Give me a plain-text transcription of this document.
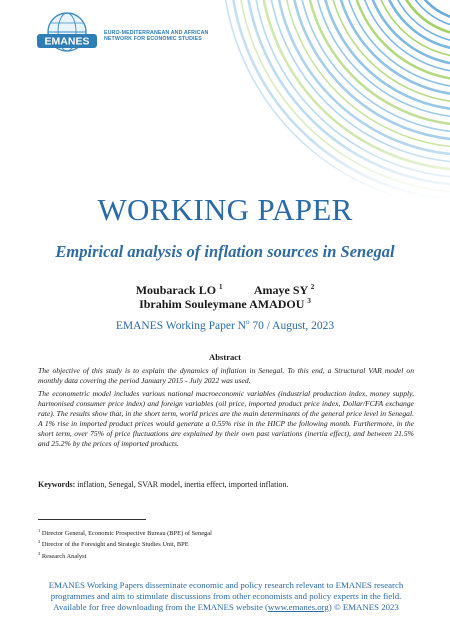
EMANES
EURO-MEDITERRANEAN AND AFRICAN
NETWORK FOR ECONOMIC STUDIES
WORKING PAPER
Empirical analysis of inflation sources in Senegal
Moubarack LO $^1$	Amaye SY $^2$
Ibrahim Souleymane AMADOU $^3$
EMANES Working Paper $N^o$ 70 / August, 2023
Abstract

The objective of this study is to explain the dynamics of inflation in Senegal. To this end, a Structural VAR model on monthly data covering the period January 2015 - July 2022 was used.

The econometric model includes various national macroeconomic variables (industrial production index, money supply, harmonised consumer price index) and foreign variables (oil price, imported product price index, Dollar/FCFA exchange rate). The results show that, in the short term, world prices are the main determinants of the general price level in Senegal. A 1% rise in imported product prices would generate a 0.55% rise in the HICP the following month. Furthermore, in the short term, over 75% of price fluctuations are explained by their own past variations (inertia effect), and between 21.5% and 25.2% by the prices of imported products.

Keywords: inflation, Senegal, SVAR model, inertia effect, imported inflation.
$^1$ Director General, Economic Prospective Bureau (BPE) of Senegal
$^2$ Director of the Foresight and Strategic Studies Unit, BPE
$^3$ Research Analyst
EMANES Working Papers disseminate economic and policy research relevant to EMANES research programmes and aim to stimulate discussions from other economists and policy experts in the field. Available for free downloading from the EMANES website (www.emanes.org) © EMANES 2023
